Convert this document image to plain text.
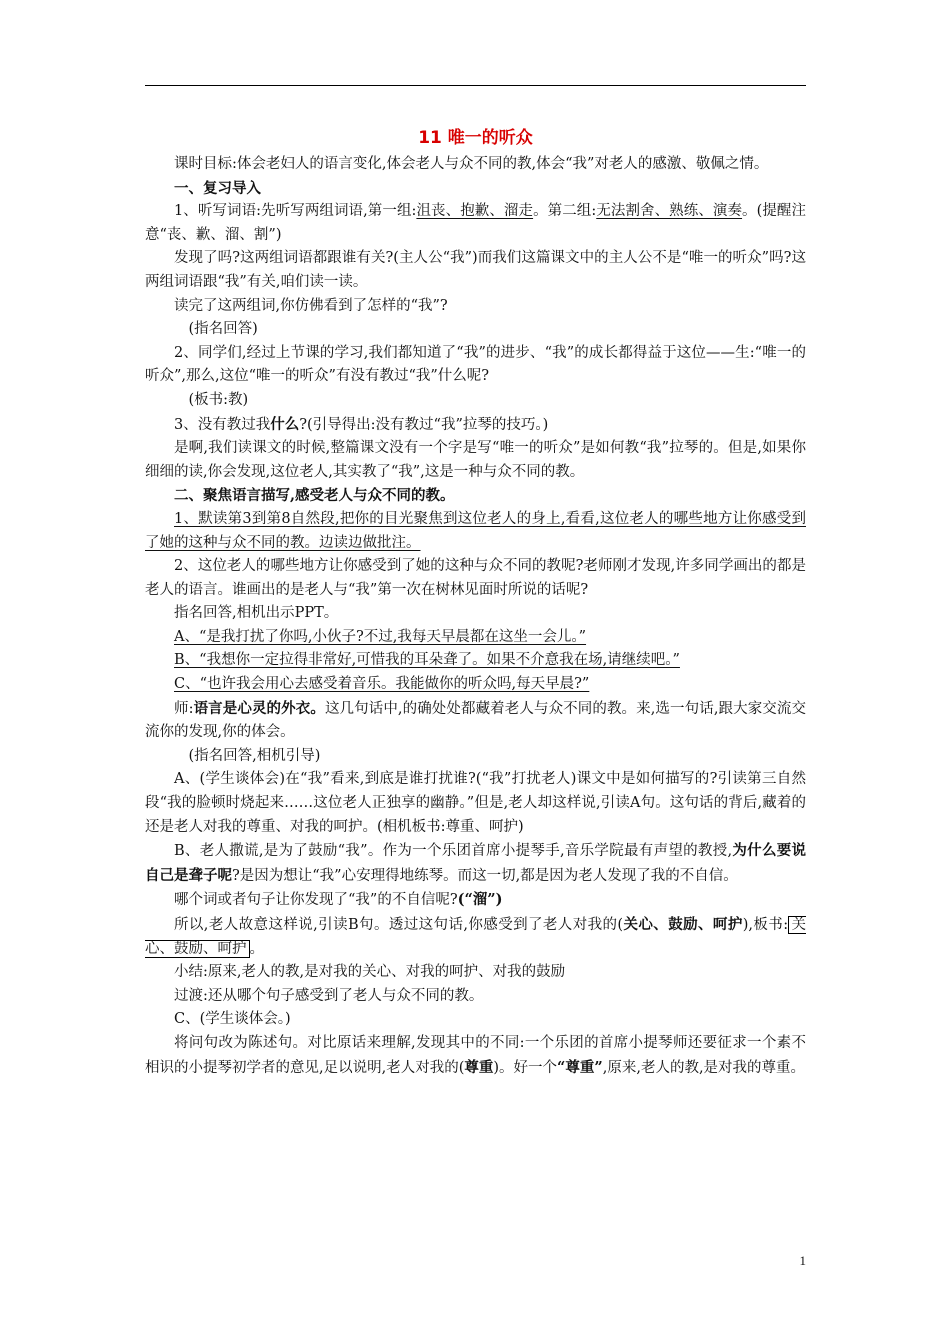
11 唯一的听众

课时目标:体会老妇人的语言变化,体会老人与众不同的教,体会“我”对老人的感激、敬佩之情。

一、复习导入

1、听写词语:先听写两组词语,第一组:沮丧、抱歉、溜走。第二组:无法割舍、熟练、演奏。(提醒注意“丧、歉、溜、割”)

发现了吗?这两组词语都跟谁有关?(主人公“我”)而我们这篇课文中的主人公不是“唯一的听众”吗?这两组词语跟“我”有关,咱们读一读。

读完了这两组词,你仿佛看到了怎样的“我”?

(指名回答)

2、同学们,经过上节课的学习,我们都知道了“我”的进步、“我”的成长都得益于这位——生:“唯一的听众”,那么,这位“唯一的听众”有没有教过“我”什么呢?

(板书:教)

3、没有教过我什么?(引导得出:没有教过“我”拉琴的技巧。)

是啊,我们读课文的时候,整篇课文没有一个字是写“唯一的听众”是如何教“我”拉琴的。但是,如果你细细的读,你会发现,这位老人,其实教了“我”,这是一种与众不同的教。

二、聚焦语言描写,感受老人与众不同的教。

1、默读第3到第8自然段,把你的目光聚焦到这位老人的身上,看看,这位老人的哪些地方让你感受到了她的这种与众不同的教。边读边做批注。

2、这位老人的哪些地方让你感受到了她的这种与众不同的教呢?老师刚才发现,许多同学画出的都是老人的语言。谁画出的是老人与“我”第一次在树林见面时所说的话呢?

指名回答,相机出示PPT。

A、“是我打扰了你吗,小伙子?不过,我每天早晨都在这坐一会儿。”

B、“我想你一定拉得非常好,可惜我的耳朵聋了。如果不介意我在场,请继续吧。”

C、“也许我会用心去感受着音乐。我能做你的听众吗,每天早晨?”

师:语言是心灵的外衣。这几句话中,的确处处都藏着老人与众不同的教。来,选一句话,跟大家交流交流你的发现,你的体会。

(指名回答,相机引导)

A、(学生谈体会)在“我”看来,到底是谁打扰谁?(“我”打扰老人)课文中是如何描写的?引读第三自然段“我的脸顿时烧起来……这位老人正独享的幽静。”但是,老人却这样说,引读A句。这句话的背后,藏着的还是老人对我的尊重、对我的呵护。(相机板书:尊重、呵护)

B、老人撒谎,是为了鼓励“我”。作为一个乐团首席小提琴手,音乐学院最有声望的教授,为什么要说自己是聋子呢?是因为想让“我”心安理得地练琴。而这一切,都是因为老人发现了我的不自信。

哪个词或者句子让你发现了“我”的不自信呢?(“溜”)

所以,老人故意这样说,引读B句。透过这句话,你感受到了老人对我的(关心、鼓励、呵护),板书: 关心、鼓励、呵护 。

小结:原来,老人的教,是对我的关心、对我的呵护、对我的鼓励

过渡:还从哪个句子感受到了老人与众不同的教。

C、(学生谈体会。)

将问句改为陈述句。对比原话来理解,发现其中的不同:一个乐团的首席小提琴师还要征求一个素不相识的小提琴初学者的意见,足以说明,老人对我的(尊重)。好一个“尊重”,原来,老人的教,是对我的尊重。

1
